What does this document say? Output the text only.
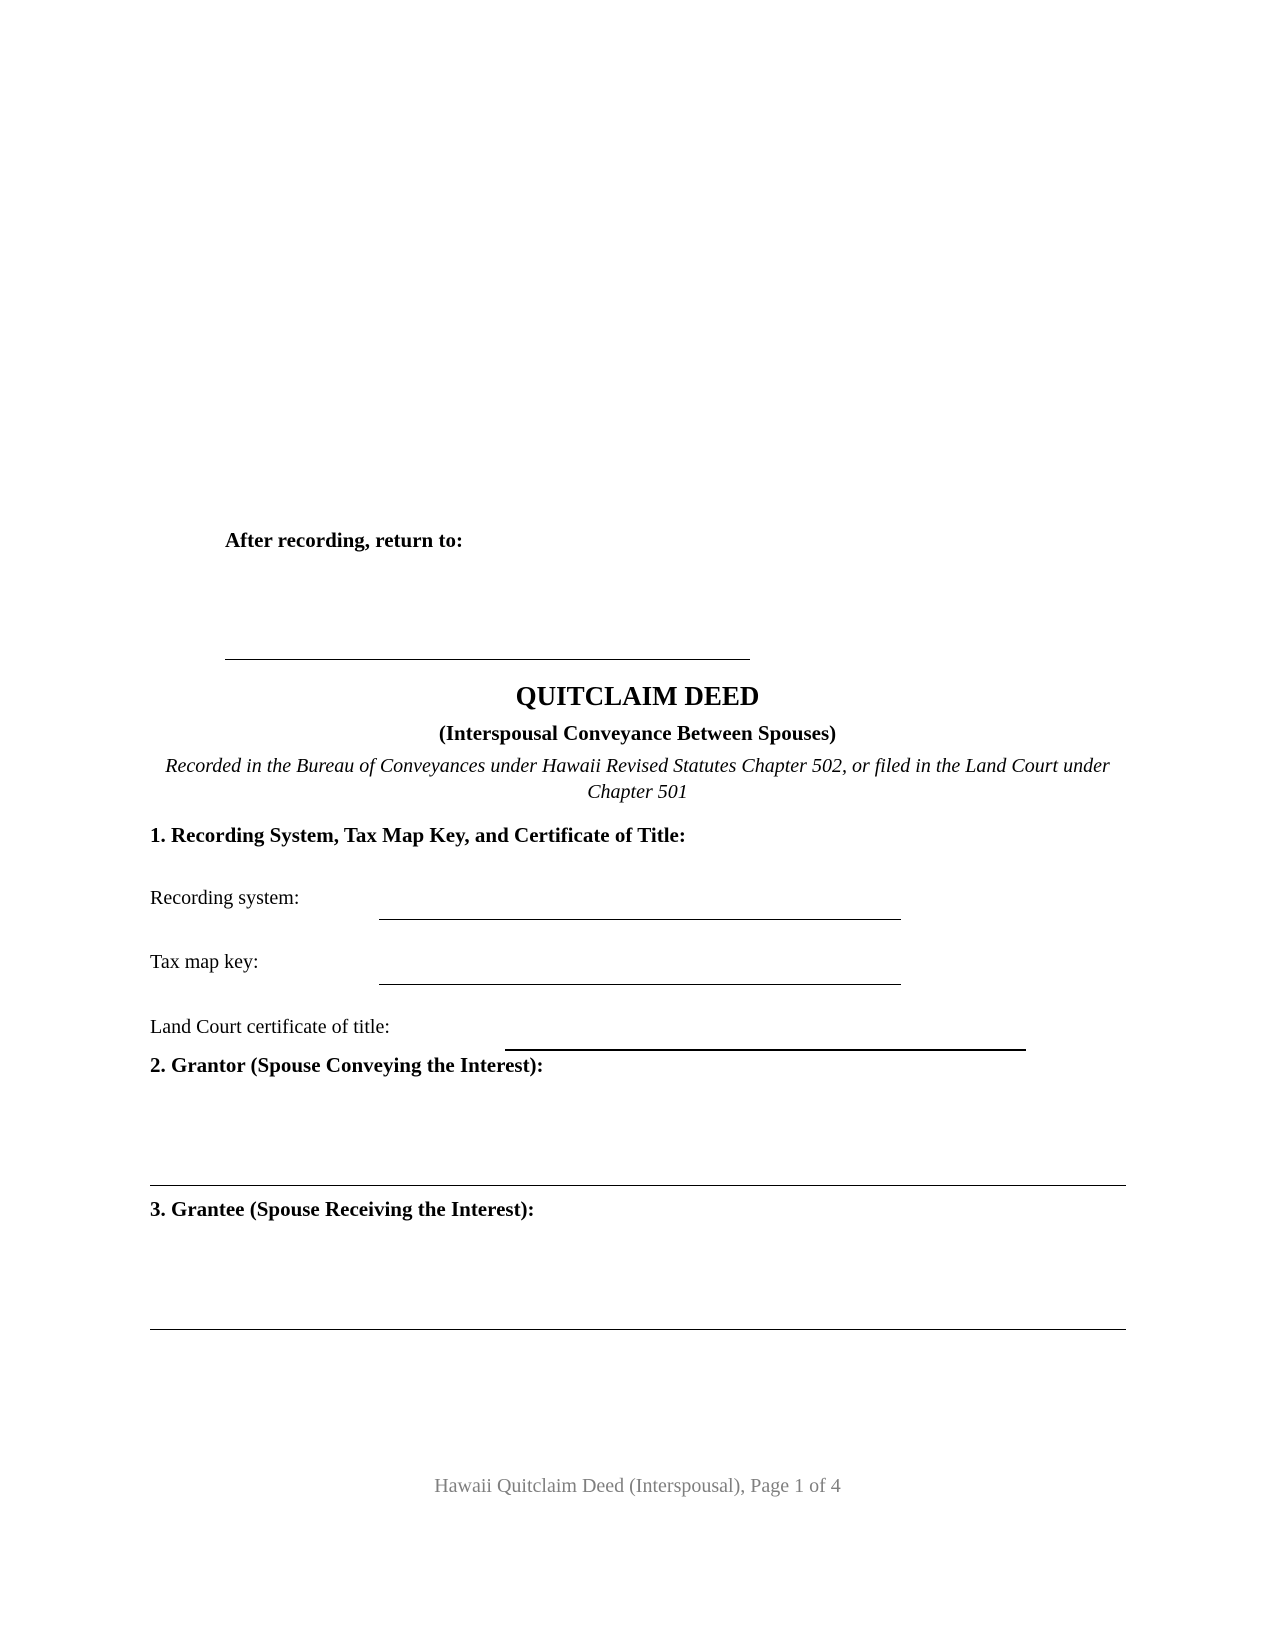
After recording, return to:
QUITCLAIM DEED
(Interspousal Conveyance Between Spouses)
Recorded in the Bureau of Conveyances under Hawaii Revised Statutes Chapter 502, or filed in the Land Court under Chapter 501
1. Recording System, Tax Map Key, and Certificate of Title:
Recording system:
Tax map key:
Land Court certificate of title:
2. Grantor (Spouse Conveying the Interest):
3. Grantee (Spouse Receiving the Interest):
Hawaii Quitclaim Deed (Interspousal), Page 1 of 4
